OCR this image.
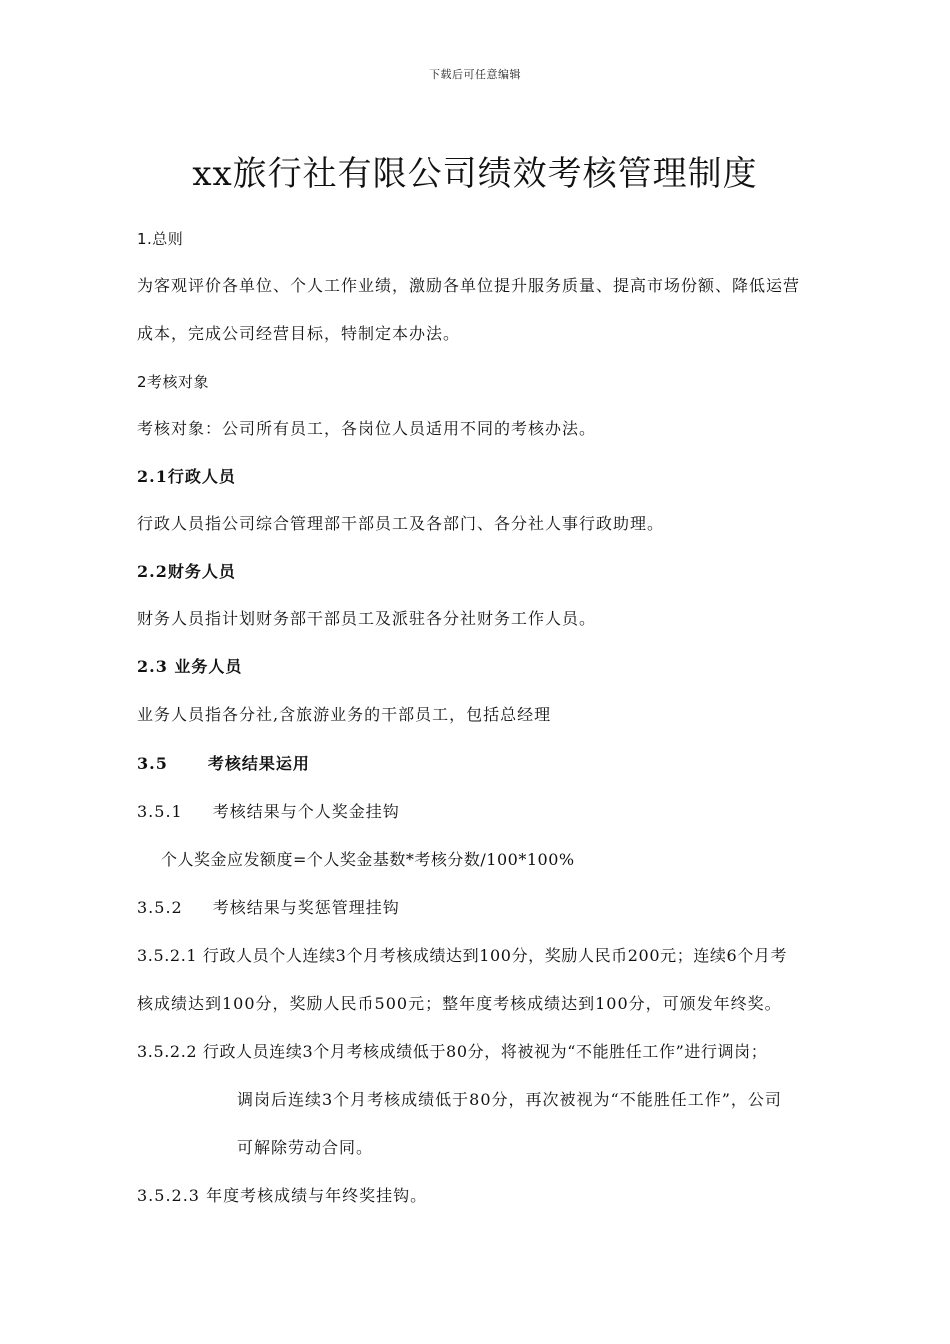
下载后可任意编辑
xx旅行社有限公司绩效考核管理制度
1.总则
为客观评价各单位、个人工作业绩，激励各单位提升服务质量、提高市场份额、降低运营
成本，完成公司经营目标，特制定本办法。
2考核对象
考核对象：公司所有员工，各岗位人员适用不同的考核办法。
2.1行政人员
行政人员指公司综合管理部干部员工及各部门、各分社人事行政助理。
2.2财务人员
财务人员指计划财务部干部员工及派驻各分社财务工作人员。
2.3 业务人员
业务人员指各分社,含旅游业务的干部员工，包括总经理
3.5	考核结果运用
3.5.1 考核结果与个人奖金挂钩
个人奖金应发额度=个人奖金基数*考核分数/100*100%
3.5.2 考核结果与奖惩管理挂钩
3.5.2.1 行政人员个人连续3个月考核成绩达到100分，奖励人民币200元；连续6个月考
核成绩达到100分，奖励人民币500元；整年度考核成绩达到100分，可颁发年终奖。
3.5.2.2 行政人员连续3个月考核成绩低于80分，将被视为“不能胜任工作”进行调岗；
调岗后连续3个月考核成绩低于80分，再次被视为“不能胜任工作”，公司
可解除劳动合同。
3.5.2.3 年度考核成绩与年终奖挂钩。
